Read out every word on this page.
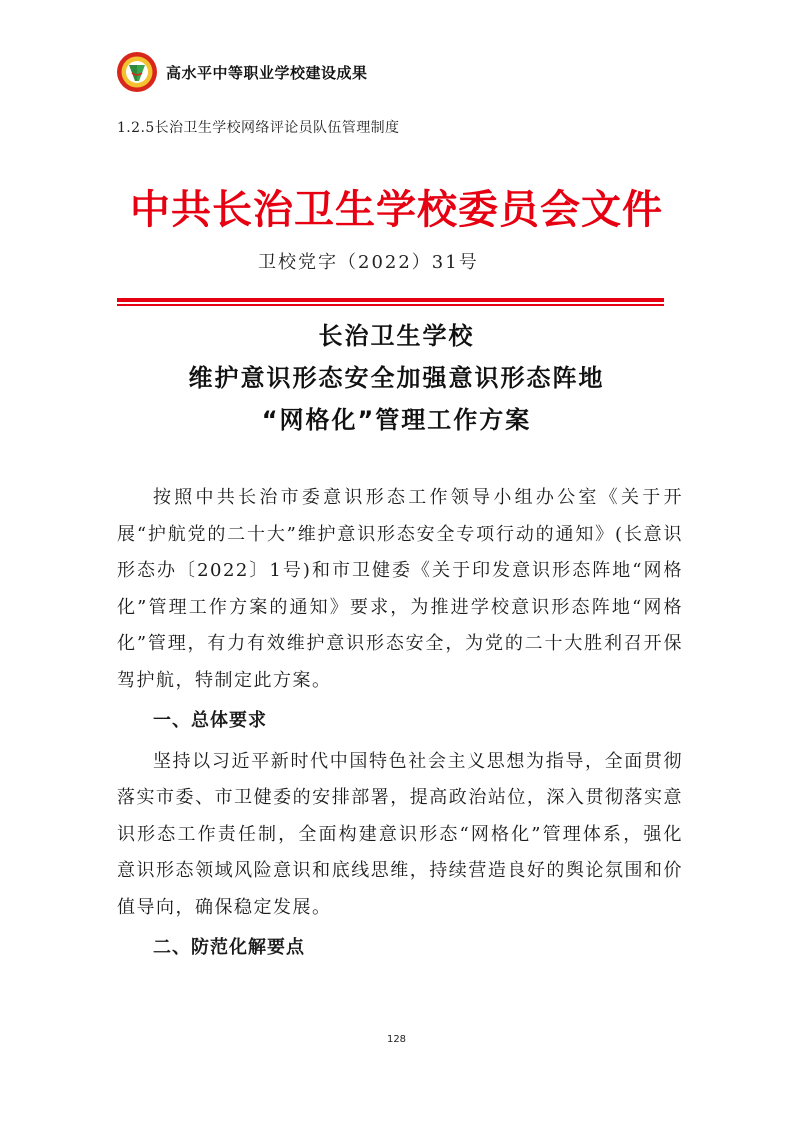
高水平中等职业学校建设成果
1.2.5长治卫生学校网络评论员队伍管理制度
中共长治卫生学校委员会文件
卫校党字（2022）31号
长治卫生学校
维护意识形态安全加强意识形态阵地
“网格化”管理工作方案

按照中共长治市委意识形态工作领导小组办公室《关于开展“护航党的二十大”维护意识形态安全专项行动的通知》(长意识形态办〔2022〕1号)和市卫健委《关于印发意识形态阵地“网格化”管理工作方案的通知》要求，为推进学校意识形态阵地“网格化”管理，有力有效维护意识形态安全，为党的二十大胜利召开保驾护航，特制定此方案。

一、总体要求

坚持以习近平新时代中国特色社会主义思想为指导，全面贯彻落实市委、市卫健委的安排部署，提高政治站位，深入贯彻落实意识形态工作责任制，全面构建意识形态“网格化”管理体系，强化意识形态领域风险意识和底线思维，持续营造良好的舆论氛围和价值导向，确保稳定发展。

二、防范化解要点
128
